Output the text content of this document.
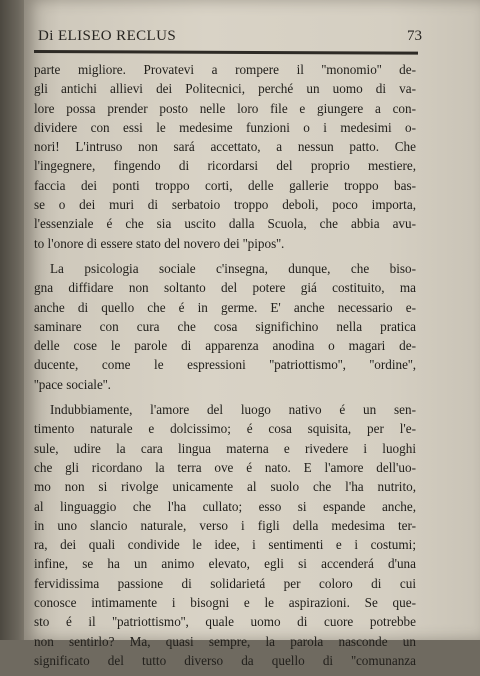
Di ELISEO RECLUS	73
parte migliore. Provatevi a rompere il ''monomio'' de-
gli antichi allievi dei Politecnici, perché un uomo di va-
lore possa prender posto nelle loro file e giungere a con-
dividere con essi le medesime funzioni o i medesimi o-
nori! L'intruso non sará accettato, a nessun patto. Che
l'ingegnere, fingendo di ricordarsi del proprio mestiere,
faccia dei ponti troppo corti, delle gallerie troppo bas-
se o dei muri di serbatoio troppo deboli, poco importa,
l'essenziale é che sia uscito dalla Scuola, che abbia avu-
to l'onore di essere stato del novero dei ''pipos''.
La psicologia sociale c'insegna, dunque, che biso-
gna diffidare non soltanto del potere giá costituito, ma
anche di quello che é in germe. E' anche necessario e-
saminare con cura che cosa significhino nella pratica
delle cose le parole di apparenza anodina o magari de-
ducente, come le espressioni ''patriottismo'', ''ordine'',
''pace sociale''.
Indubbiamente, l'amore del luogo nativo é un sen-
timento naturale e dolcissimo; é cosa squisita, per l'e-
sule, udire la cara lingua materna e rivedere i luoghi
che gli ricordano la terra ove é nato. E l'amore dell'uo-
mo non si rivolge unicamente al suolo che l'ha nutrito,
al linguaggio che l'ha cullato; esso si espande anche,
in uno slancio naturale, verso i figli della medesima ter-
ra, dei quali condivide le idee, i sentimenti e i costumi;
infine, se ha un animo elevato, egli si accenderá d'una
fervidissima passione di solidarietá per coloro di cui
conosce intimamente i bisogni e le aspirazioni. Se que-
sto é il ''patriottismo'', quale uomo di cuore potrebbe
non sentirlo? Ma, quasi sempre, la parola nasconde un
significato del tutto diverso da quello di ''comunanza
